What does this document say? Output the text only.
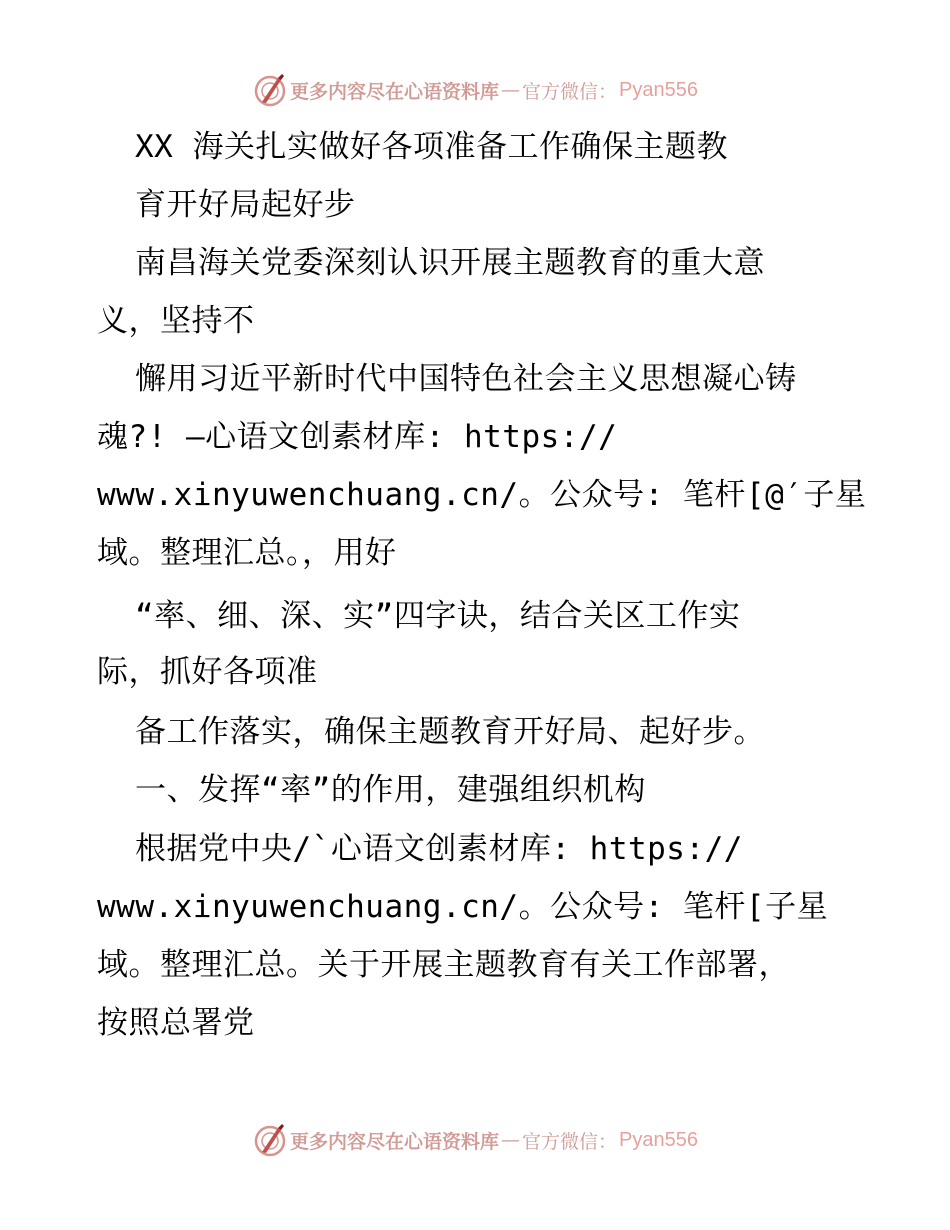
更多内容尽在心语资料库 — 官方微信： Pyan556
XX 海关扎实做好各项准备工作确保主题教
育开好局起好步
南昌海关党委深刻认识开展主题教育的重大意
义，坚持不
懈用习近平新时代中国特色社会主义思想凝心铸
魂?! —心语文创素材库: https://
www.xinyuwenchuang.cn/。公众号: 笔杆[@′子星
域。整理汇总。，用好
“率、细、深、实”四字诀，结合关区工作实
际，抓好各项准
备工作落实，确保主题教育开好局、起好步。
一、发挥“率”的作用，建强组织机构
根据党中央/`心语文创素材库: https://
www.xinyuwenchuang.cn/。公众号: 笔杆[子星
域。整理汇总。关于开展主题教育有关工作部署，
按照总署党
更多内容尽在心语资料库 — 官方微信： Pyan556
